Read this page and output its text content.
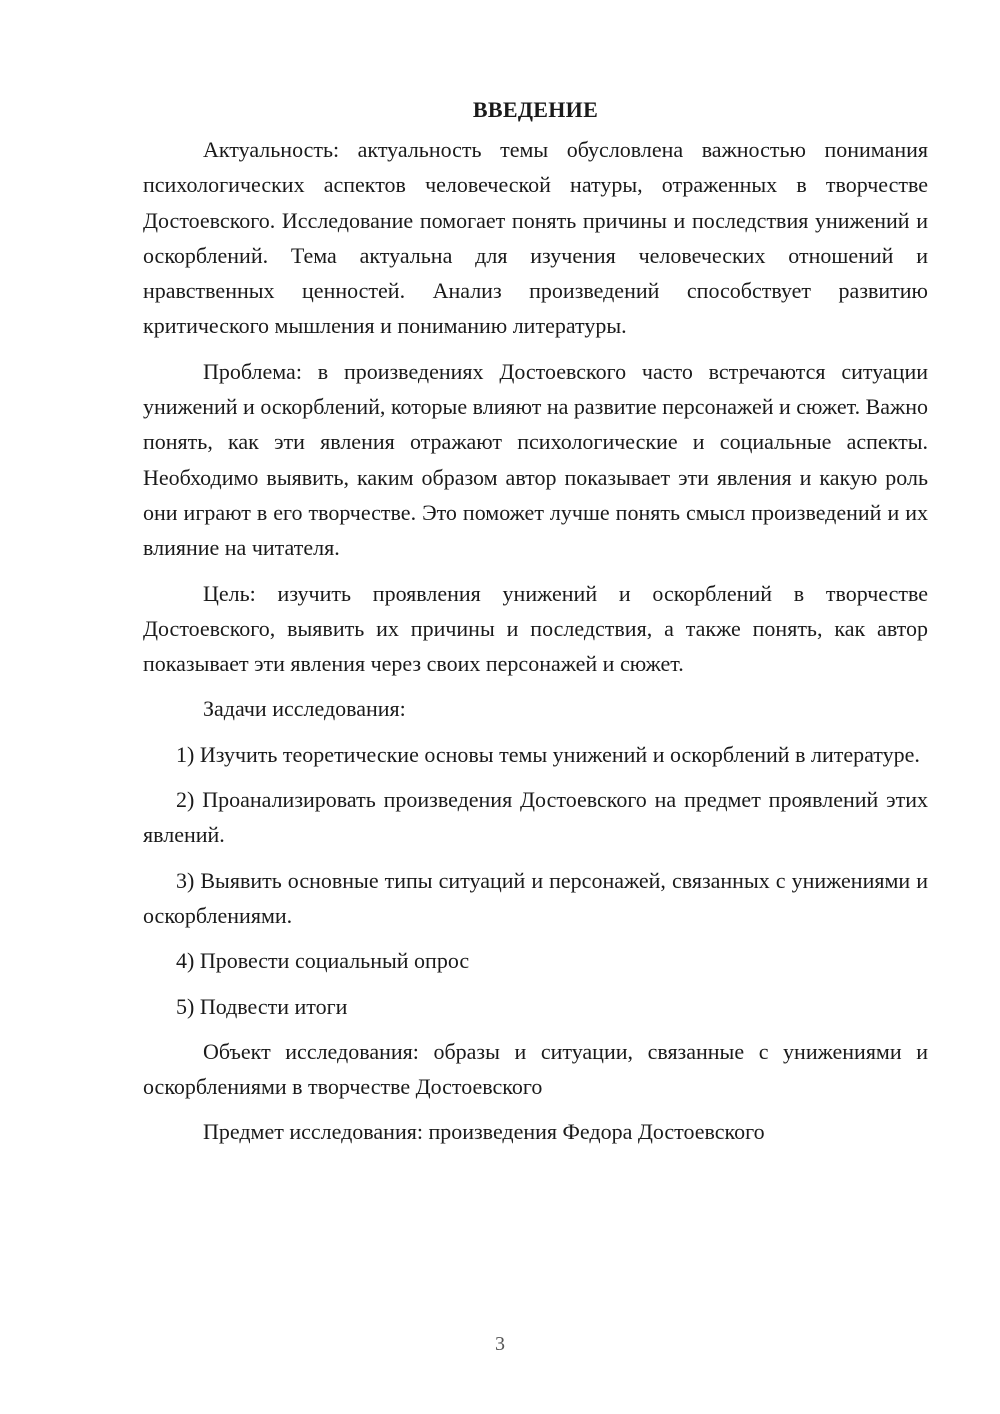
ВВЕДЕНИЕ

Актуальность: актуальность темы обусловлена важностью понимания психологических аспектов человеческой натуры, отраженных в творчестве Достоевского. Исследование помогает понять причины и последствия унижений и оскорблений. Тема актуальна для изучения человеческих отношений и нравственных ценностей. Анализ произведений способствует развитию критического мышления и пониманию литературы.

Проблема: в произведениях Достоевского часто встречаются ситуации унижений и оскорблений, которые влияют на развитие персонажей и сюжет. Важно понять, как эти явления отражают психологические и социальные аспекты. Необходимо выявить, каким образом автор показывает эти явления и какую роль они играют в его творчестве. Это поможет лучше понять смысл произведений и их влияние на читателя.

Цель: изучить проявления унижений и оскорблений в творчестве Достоевского, выявить их причины и последствия, а также понять, как автор показывает эти явления через своих персонажей и сюжет.

Задачи исследования:

1) Изучить теоретические основы темы унижений и оскорблений в литературе.

2) Проанализировать произведения Достоевского на предмет проявлений этих явлений.

3) Выявить основные типы ситуаций и персонажей, связанных с унижениями и оскорблениями.

4) Провести социальный опрос

5) Подвести итоги

Объект исследования: образы и ситуации, связанные с унижениями и оскорблениями в творчестве Достоевского

Предмет исследования: произведения Федора Достоевского

3
